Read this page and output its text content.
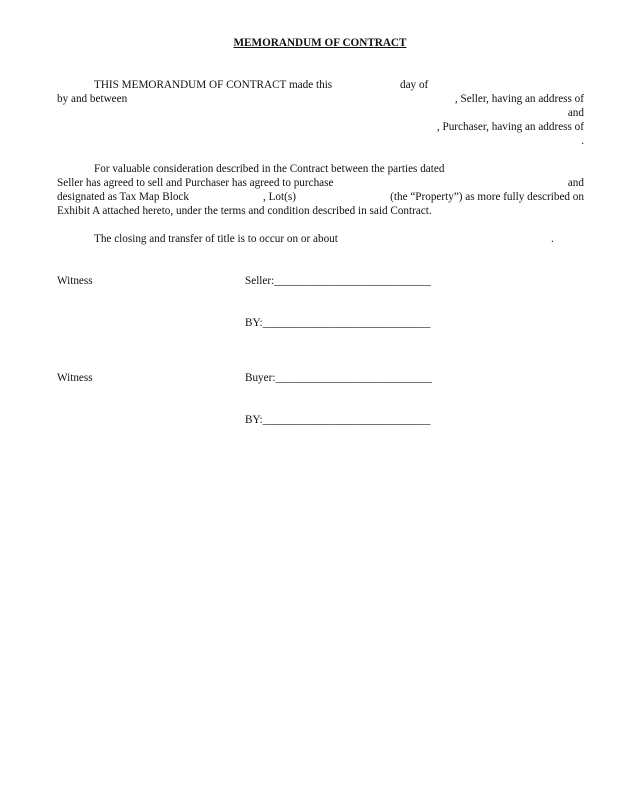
MEMORANDUM OF CONTRACT
THIS MEMORANDUM OF CONTRACT made this	day of
by and between	, Seller, having an address of
and
, Purchaser, having an address of
.
For valuable consideration described in the Contract between the parties dated
Seller has agreed to sell and Purchaser has agreed to purchase	and
designated as Tax Map Block	, Lot(s)	(the “Property”) as more fully described on
Exhibit A attached hereto, under the terms and condition described in said Contract.
The closing and transfer of title is to occur on or about	.
Witness	Seller:____________________________
BY:______________________________
Witness	Buyer:____________________________
BY:______________________________
